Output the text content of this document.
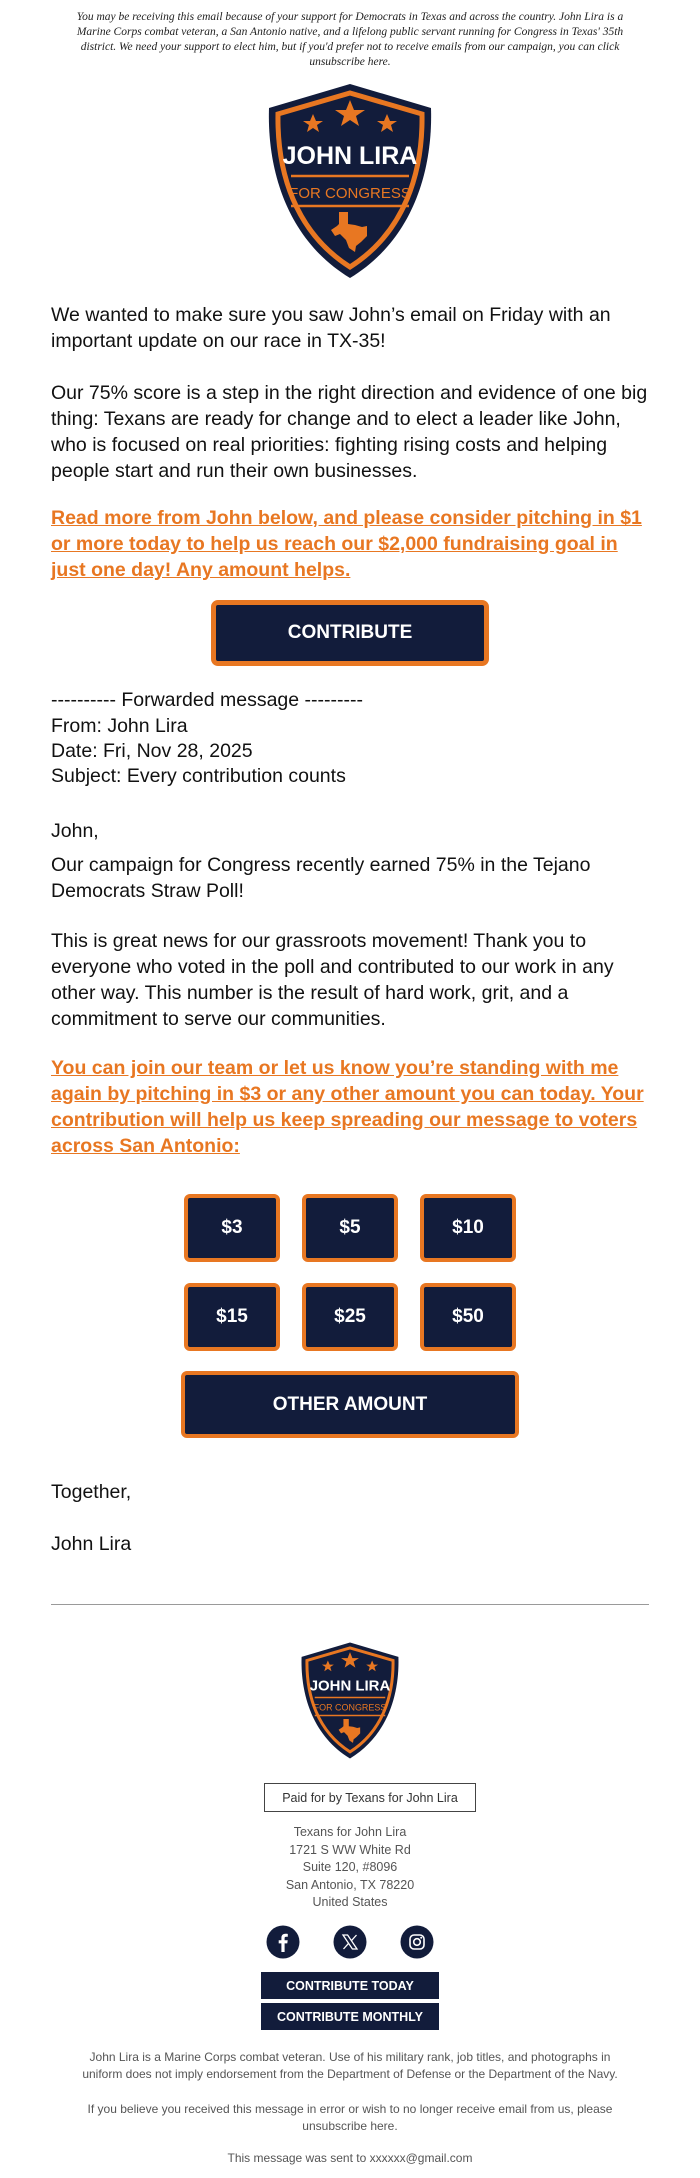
You may be receiving this email because of your support for Democrats in Texas and across the country. John Lira is a Marine Corps combat veteran, a San Antonio native, and a lifelong public servant running for Congress in Texas' 35th district. We need your support to elect him, but if you'd prefer not to receive emails from our campaign, you can click unsubscribe here.
JOHN LIRA
FOR CONGRESS
We wanted to make sure you saw John’s email on Friday with an important update on our race in TX-35!
Our 75% score is a step in the right direction and evidence of one big thing: Texans are ready for change and to elect a leader like John, who is focused on real priorities: fighting rising costs and helping people start and run their own businesses.
Read more from John below, and please consider pitching in $1 or more today to help us reach our $2,000 fundraising goal in just one day! Any amount helps.
CONTRIBUTE
---------- Forwarded message ---------
From: John Lira
Date: Fri, Nov 28, 2025
Subject: Every contribution counts
John,
Our campaign for Congress recently earned 75% in the Tejano Democrats Straw Poll!
This is great news for our grassroots movement! Thank you to everyone who voted in the poll and contributed to our work in any other way. This number is the result of hard work, grit, and a commitment to serve our communities.
You can join our team or let us know you’re standing with me again by pitching in $3 or any other amount you can today. Your contribution will help us keep spreading our message to voters across San Antonio:
$3	$5	$10
$15	$25	$50
OTHER AMOUNT
Together,
John Lira
JOHN LIRA
FOR CONGRESS
Paid for by Texans for John Lira
Texans for John Lira
1721 S WW White Rd
Suite 120, #8096
San Antonio, TX 78220
United States
CONTRIBUTE TODAY
CONTRIBUTE MONTHLY
John Lira is a Marine Corps combat veteran. Use of his military rank, job titles, and photographs in uniform does not imply endorsement from the Department of Defense or the Department of the Navy.
If you believe you received this message in error or wish to no longer receive email from us, please unsubscribe here.
This message was sent to xxxxxx@gmail.com
